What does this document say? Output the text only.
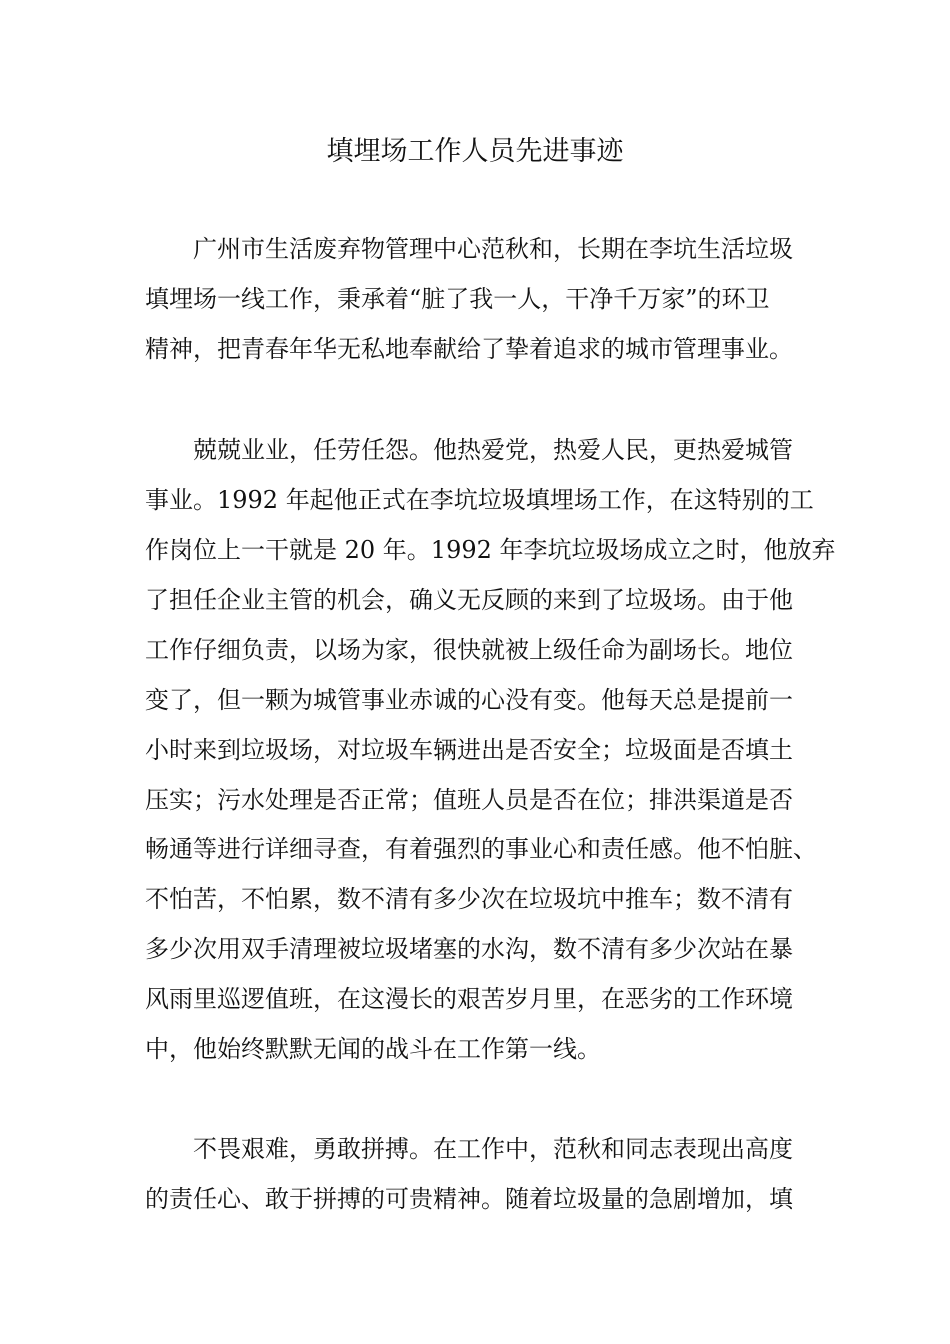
填埋场工作人员先进事迹

广州市生活废弃物管理中心范秋和，长期在李坑生活垃圾

填埋场一线工作，秉承着“脏了我一人，干净千万家”的环卫

精神，把青春年华无私地奉献给了挚着追求的城市管理事业。

兢兢业业，任劳任怨。他热爱党，热爱人民，更热爱城管

事业。1992 年起他正式在李坑垃圾填埋场工作，在这特别的工

作岗位上一干就是 20 年。1992 年李坑垃圾场成立之时，他放弃

了担任企业主管的机会，确义无反顾的来到了垃圾场。由于他

工作仔细负责，以场为家，很快就被上级任命为副场长。地位

变了，但一颗为城管事业赤诚的心没有变。他每天总是提前一

小时来到垃圾场，对垃圾车辆进出是否安全；垃圾面是否填土

压实；污水处理是否正常；值班人员是否在位；排洪渠道是否

畅通等进行详细寻查，有着强烈的事业心和责任感。他不怕脏、

不怕苦，不怕累，数不清有多少次在垃圾坑中推车；数不清有

多少次用双手清理被垃圾堵塞的水沟，数不清有多少次站在暴

风雨里巡逻值班，在这漫长的艰苦岁月里，在恶劣的工作环境

中，他始终默默无闻的战斗在工作第一线。

不畏艰难，勇敢拼搏。在工作中，范秋和同志表现出高度

的责任心、敢于拼搏的可贵精神。随着垃圾量的急剧增加，填
